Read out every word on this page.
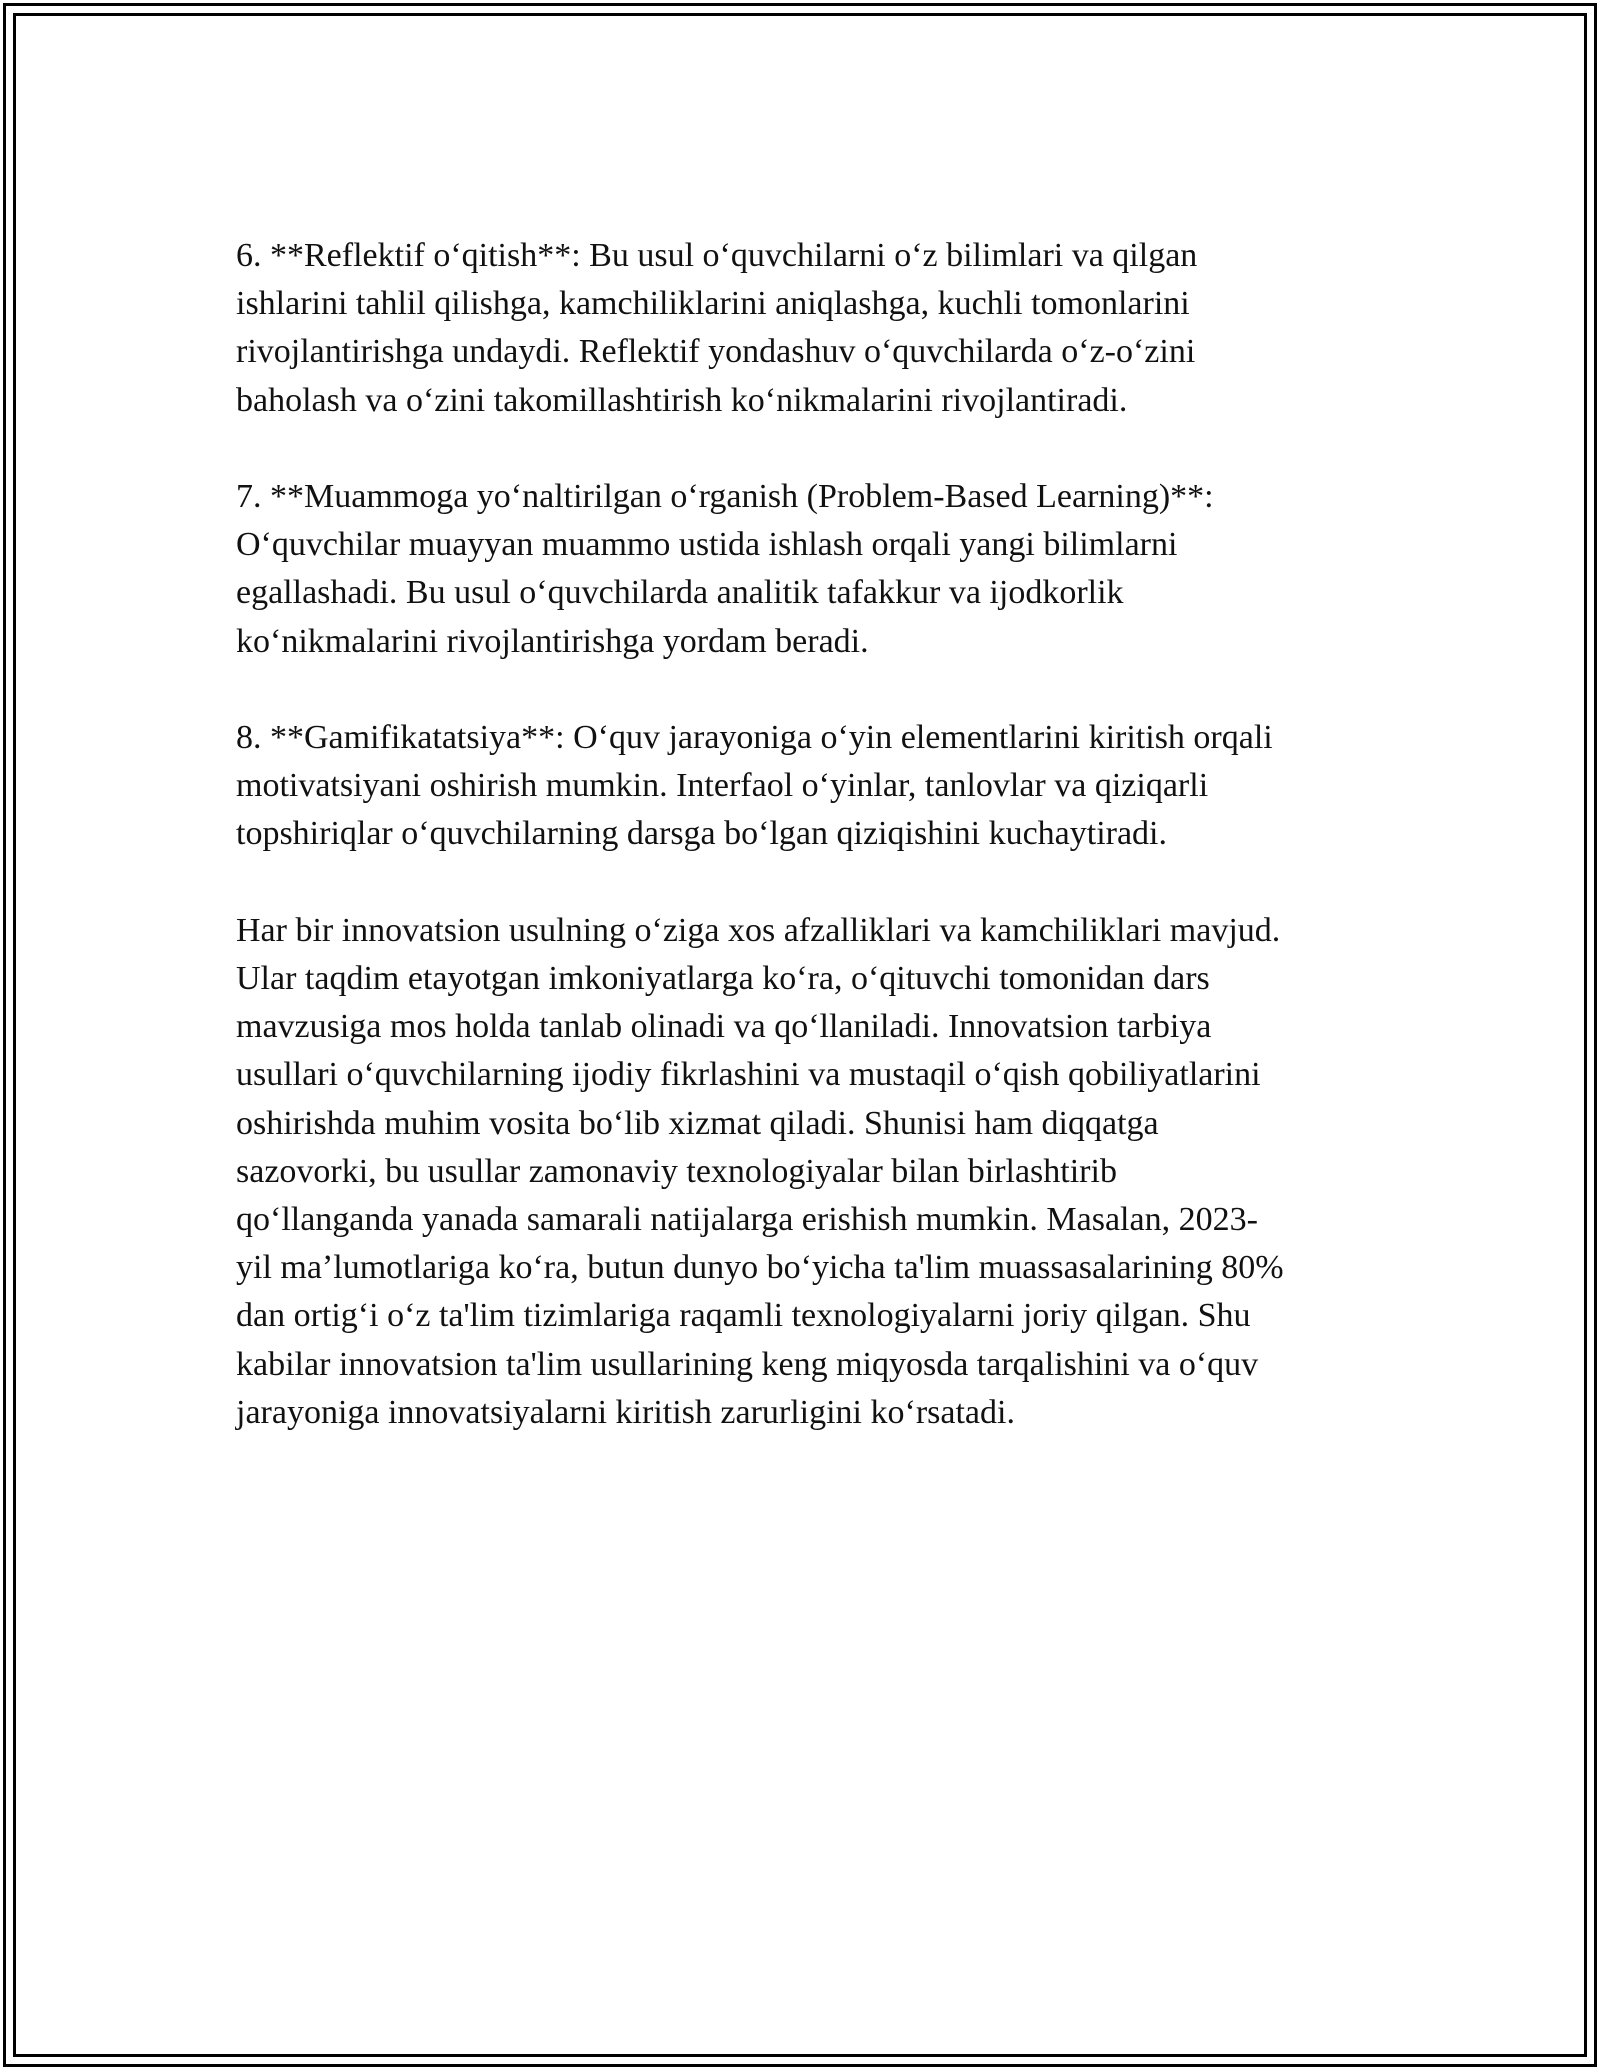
6. **Reflektif oʻqitish**: Bu usul oʻquvchilarni oʻz bilimlari va qilgan
ishlarini tahlil qilishga, kamchiliklarini aniqlashga, kuchli tomonlarini
rivojlantirishga undaydi. Reflektif yondashuv oʻquvchilarda oʻz-oʻzini
baholash va oʻzini takomillashtirish koʻnikmalarini rivojlantiradi.

7. **Muammoga yoʻnaltirilgan oʻrganish (Problem-Based Learning)**:
Oʻquvchilar muayyan muammo ustida ishlash orqali yangi bilimlarni
egallashadi. Bu usul oʻquvchilarda analitik tafakkur va ijodkorlik
koʻnikmalarini rivojlantirishga yordam beradi.

8. **Gamifikatatsiya**: Oʻquv jarayoniga oʻyin elementlarini kiritish orqali
motivatsiyani oshirish mumkin. Interfaol oʻyinlar, tanlovlar va qiziqarli
topshiriqlar oʻquvchilarning darsga boʻlgan qiziqishini kuchaytiradi.

Har bir innovatsion usulning oʻziga xos afzalliklari va kamchiliklari mavjud.
Ular taqdim etayotgan imkoniyatlarga koʻra, oʻqituvchi tomonidan dars
mavzusiga mos holda tanlab olinadi va qoʻllaniladi. Innovatsion tarbiya
usullari oʻquvchilarning ijodiy fikrlashini va mustaqil oʻqish qobiliyatlarini
oshirishda muhim vosita boʻlib xizmat qiladi. Shunisi ham diqqatga
sazovorki, bu usullar zamonaviy texnologiyalar bilan birlashtirib
qoʻllanganda yanada samarali natijalarga erishish mumkin. Masalan, 2023-
yil maʼlumotlariga koʻra, butun dunyo boʻyicha ta'lim muassasalarining 80%
dan ortigʻi oʻz ta'lim tizimlariga raqamli texnologiyalarni joriy qilgan. Shu
kabilar innovatsion ta'lim usullarining keng miqyosda tarqalishini va oʻquv
jarayoniga innovatsiyalarni kiritish zarurligini koʻrsatadi.
